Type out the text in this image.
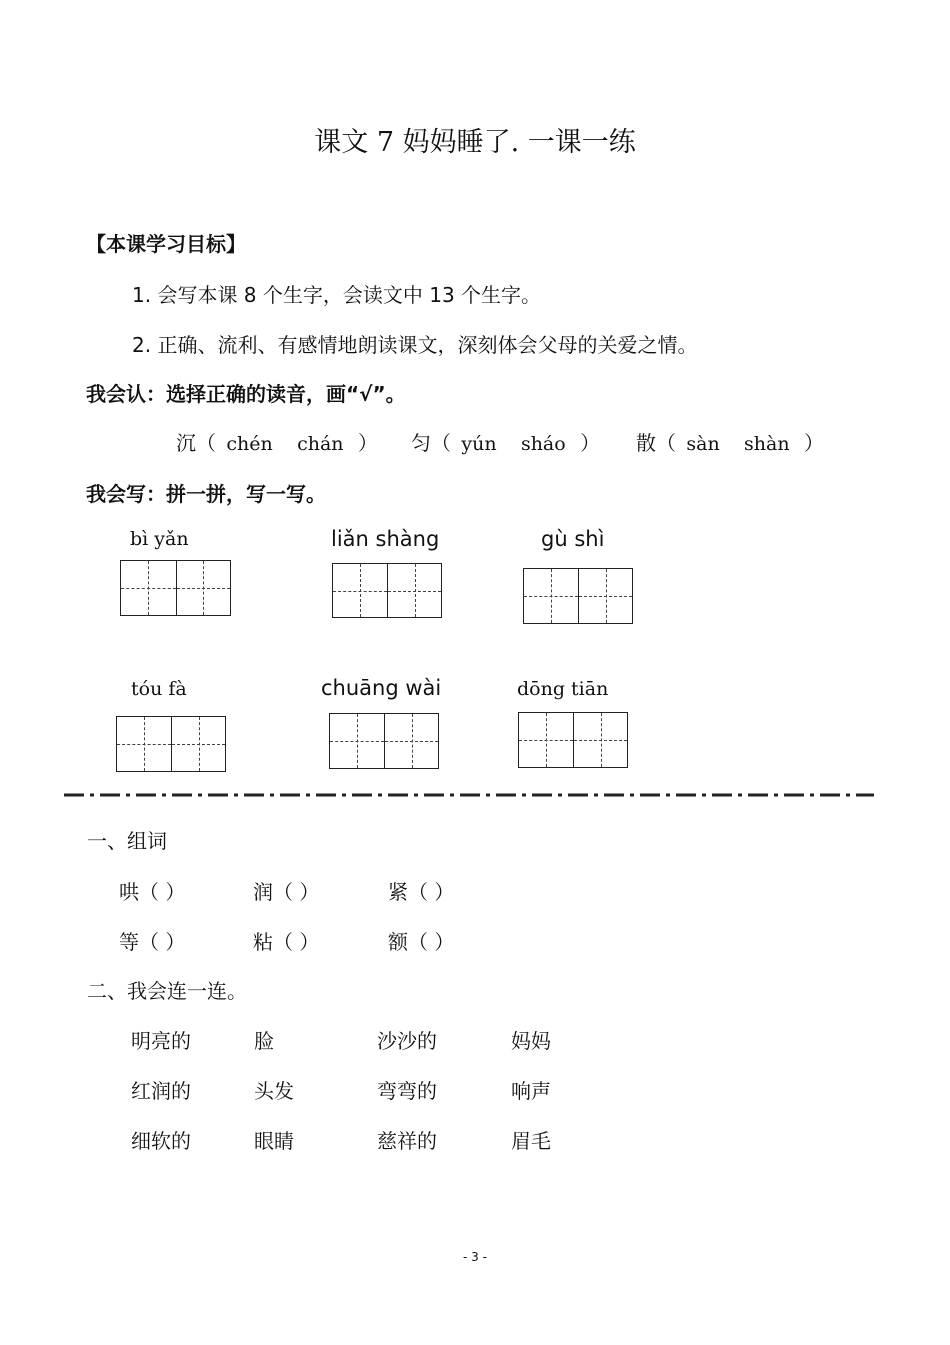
课文 7 妈妈睡了. 一课一练
【本课学习目标】
1. 会写本课 8 个生字，会读文中 13 个生字。
2. 正确、流利、有感情地朗读课文，深刻体会父母的关爱之情。
我会认：选择正确的读音，画“√”。
沉（ chén chán ） 匀（ yún sháo ） 散（ sàn shàn ）
我会写：拼一拼，写一写。
bì yǎn	liǎn shàng	gù shì
tóu fà	chuāng wài	dōng tiān
一、组词
哄（ ）	润（ ）	紧（ ）
等（ ）	粘（ ）	额（ ）
二、我会连一连。
明亮的	脸	沙沙的	妈妈
红润的	头发	弯弯的	响声
细软的	眼睛	慈祥的	眉毛
- 3 -
